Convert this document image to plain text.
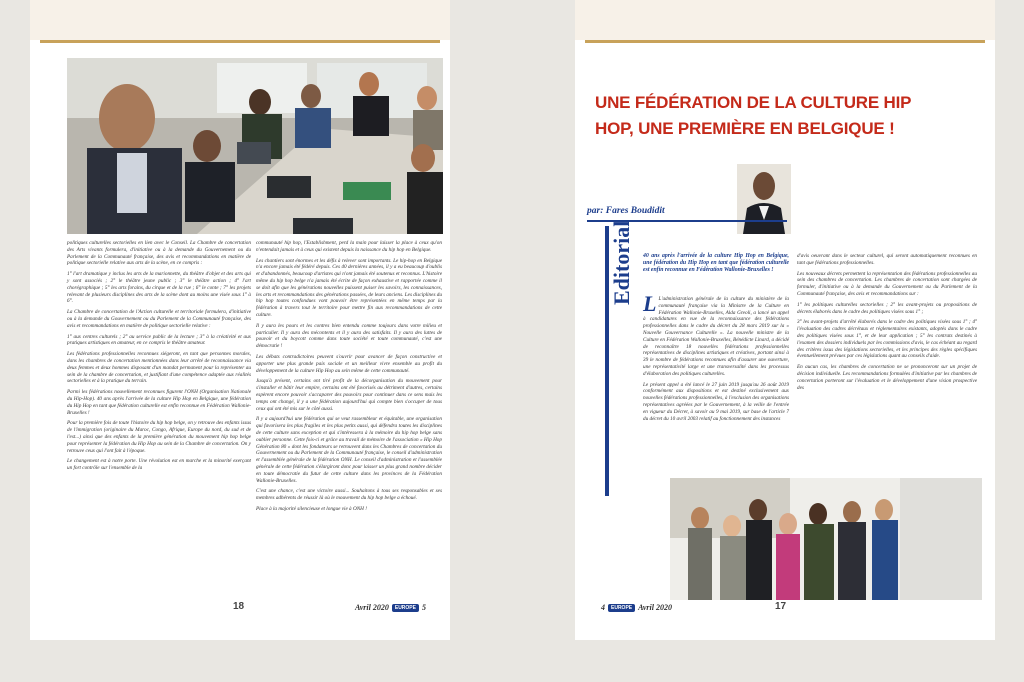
politiques culturelles sectorielles en lien avec le Conseil. La Chambre de concertation des Arts vivants formulera, d'initiative ou à la demande du Gouvernement ou du Parlement de la Communauté française, des avis et recommandations en matière de politique sectorielle relative aux arts de la scène, en ce compris :

1° l'art dramatique y inclus les arts de la marionnette, du théâtre d'objet et des arts qui y sont associés ; 2° le théâtre jeune public ; 3° le théâtre action ; 4° l'art chorégraphique ; 5° les arts forains, du cirque et de la rue ; 6° le conte ; 7° les projets relevant de plusieurs disciplines des arts de la scène dont au moins une visée sous 1° à 6°.

La Chambre de concertation de l'Action culturelle et territoriale formulera, d'initiative ou à la demande du Gouvernement ou du Parlement de la Communauté française, des avis et recommandations en matière de politique sectorielle relative :

1° aux centres culturels ; 2° au service public de la lecture ; 3° à la créativité et aux pratiques artistiques en amateur, en ce compris le théâtre amateur.

Les fédérations professionnelles reconnues siégeront, en tant que personnes morales, dans les chambres de concertation mentionnées dans leur arrêté de reconnaissance via deux femmes et deux hommes disposant d'un mandat permanent pour la représenter au sein de la chambre de concertation, et justifiant d'une compétence adaptée aux réalités sectorielles et à la pratique du terrain.

Parmi les fédérations nouvellement reconnues figurent l'ONH (Organisation Nationale du Hip-Hop). 40 ans après l'arrivée de la culture Hip Hop en Belgique, une fédération du Hip Hop en tant que fédération culturelle est enfin reconnue en Fédération Wallonie-Bruxelles !

Pour la première fois de toute l'histoire du hip hop belge, on y retrouve des enfants issus de l'immigration (originaire du Maroc, Congo, Afrique, Europe du nord, du sud et de l'est...) ainsi que des enfants de la première génération du mouvement hip hop belge pour représenter la fédération du Hip Hop au sein de la Chambre de concertation. On y retrouve ceux qui l'ont fait à l'époque.

Le changement est à notre porte. Une révolution est en marche et la minorité exerçant un fort contrôle sur l'ensemble de la

communauté hip hop, l'Establishment, perd la main pour laisser la place à ceux qu'on n'entendait jamais et à ceux qui existent depuis la naissance du hip hop en Belgique.

Les chantiers sont énormes et les défis à relever sont importants. Le hip-hop en Belgique n'a encore jamais été fédéré depuis. Ces 40 dernières années, il y a eu beaucoup d'oublis et d'abandonnés, beaucoup d'artistes qui n'ont jamais été soutenus et reconnus. L'histoire même du hip hop belge n'a jamais été écrite de façon exhaustive et rapportée comme il se doit afin que les générations nouvelles puissent puiser les savoirs, les connaissances, les arts et recommandations des générations passées, de leurs anciens. Les disciplines du hip hop toutes confondues vont pouvoir être représentées en même temps par la fédération à travers tout le territoire pour mettre fin aux recommandations de cette culture.

Il y aura les pours et les contres bien entendu comme toujours dans votre milieu et particulier. Il y aura des mécontents et il y aura des satisfaits. Il y aura des luttes de pouvoir et du boycott comme dans toute société et toute communauté, c'est une démocratie !

Les débats contradictoires peuvent s'ouvrir pour avancer de façon constructive et apporter une plus grande paix sociale et un meilleur vivre ensemble au profit du développement de la culture Hip Hop au sein même de cette communauté.

Jusqu'à présent, certains ont tiré profit de la décorganisation du mouvement pour s'installer et bâtir leur empire, certains ont été favorisés au détriment d'autres, certains espèrent encore pouvoir s'accaparer des pouvoirs pour continuer dans ce sens mais les temps ont changé, il y a une fédération aujourd'hui qui compte bien s'occuper de tous ceux qui ont été mis sur le côté aussi.

Il y a aujourd'hui une fédération qui se veut rassembleur et équitable, une organisation qui favorisera les plus fragiles et les plus petits aussi, qui défendra toutes les disciplines de cette culture sans exception et qui s'intéressera à la mémoire du hip hop belge sans oublier personne. Cette fois-ci et grâce au travail de mémoire de l'association « Hip Hop Génération 80 » dont les fondateurs se retrouvent dans les Chambres de concertation du Gouvernement ou du Parlement de la Communauté française, le conseil d'administration et l'assemblée générale de la fédération ONH. Le conseil d'administration et l'assemblée générale de cette fédération s'élargiront donc pour laisser un plus grand nombre décider en toute démocratie du futur de cette culture dans les provinces de la Fédération Wallonie-Bruxelles.

C'est une chance, c'est une victoire aussi... Souhaitons à tous ses responsables et ses membres adhérents de réussir là où le mouvement du hip hop belge a échoué.

Place à la majorité silencieuse et longue vie à ONH !

Avril 2020	EUROPE 5
18
UNE FÉDÉRATION DE LA CULTURE HIP HOP, UNE PREMIÈRE EN BELGIQUE !
par: Fares Boudidit
Editorial 40 ans après l'arrivée de la culture Hip Hop en Belgique, une fédération du Hip Hop en tant que fédération culturelle est enfin reconnue en Fédération Wallonie-Bruxelles !

L L'administration générale de la culture du ministère de la communauté française via la Ministre de la Culture en Fédération Wallonie-Bruxelles, Alda Greoli, a lancé un appel à candidatures en vue de la reconnaissance des fédérations professionnelles dans le cadre du décret du 28 mars 2019 sur la « Nouvelle Gouvernance Culturelle ». La nouvelle ministre de la Culture en Fédération Wallonie-Bruxelles, Bénédicte Linard, a décidé de reconnaître 18 nouvelles fédérations professionnelles représentatives de disciplines artistiques et créatives, portant ainsi à 39 le nombre de fédérations reconnues afin d'assurer une ouverture, une représentativité large et une transversalité dans les processus d'élaboration des politiques culturelles.

Le présent appel a été lancé le 27 juin 2019 jusqu'au 26 août 2019 conformément aux dispositions et est destiné exclusivement aux nouvelles fédérations professionnelles, à l'exclusion des organisations représentatives agréées par le Gouvernement, à la veille de l'entrée en vigueur du Décret, à savoir au 9 mai 2019, sur base de l'article 7 du décret du 10 avril 2003 relatif au fonctionnement des instances

d'avis oeuvrant dans le secteur culturel, qui seront automatiquement reconnues en tant que fédérations professionnelles.

Les nouveaux décrets permettent la représentation des fédérations professionnelles au sein des chambres de concertation. Les chambres de concertation sont chargées de formuler, d'initiative ou à la demande du Gouvernement ou du Parlement de la Communauté française, des avis et recommandations sur :

1° les politiques culturelles sectorielles ; 2° les avant-projets ou propositions de décrets élaborés dans le cadre des politiques visées sous 1° ;

3° les avant-projets d'arrêté élaborés dans le cadre des politiques visées sous 1° ; 4° l'évaluation des cadres décrétaux et réglementaires existants, adoptés dans le cadre des politiques visées sous 1°, et de leur application ; 5° les contrats destinés à l'examen des dossiers individuels par les commissions d'avis, le cas échéant au regard des critères issus des législations sectorielles, et les principes des règles spécifiques éventuellement prévues par ces législations quant au conseils d'aide.

En aucun cas, les chambres de concertation ne se prononceront sur un projet de décision individuelle. Les recommandations formulées d'initiative par les chambres de concertation porteront sur l'évaluation et le développement d'une vision prospective des

4	EUROPE Avril 2020	17
